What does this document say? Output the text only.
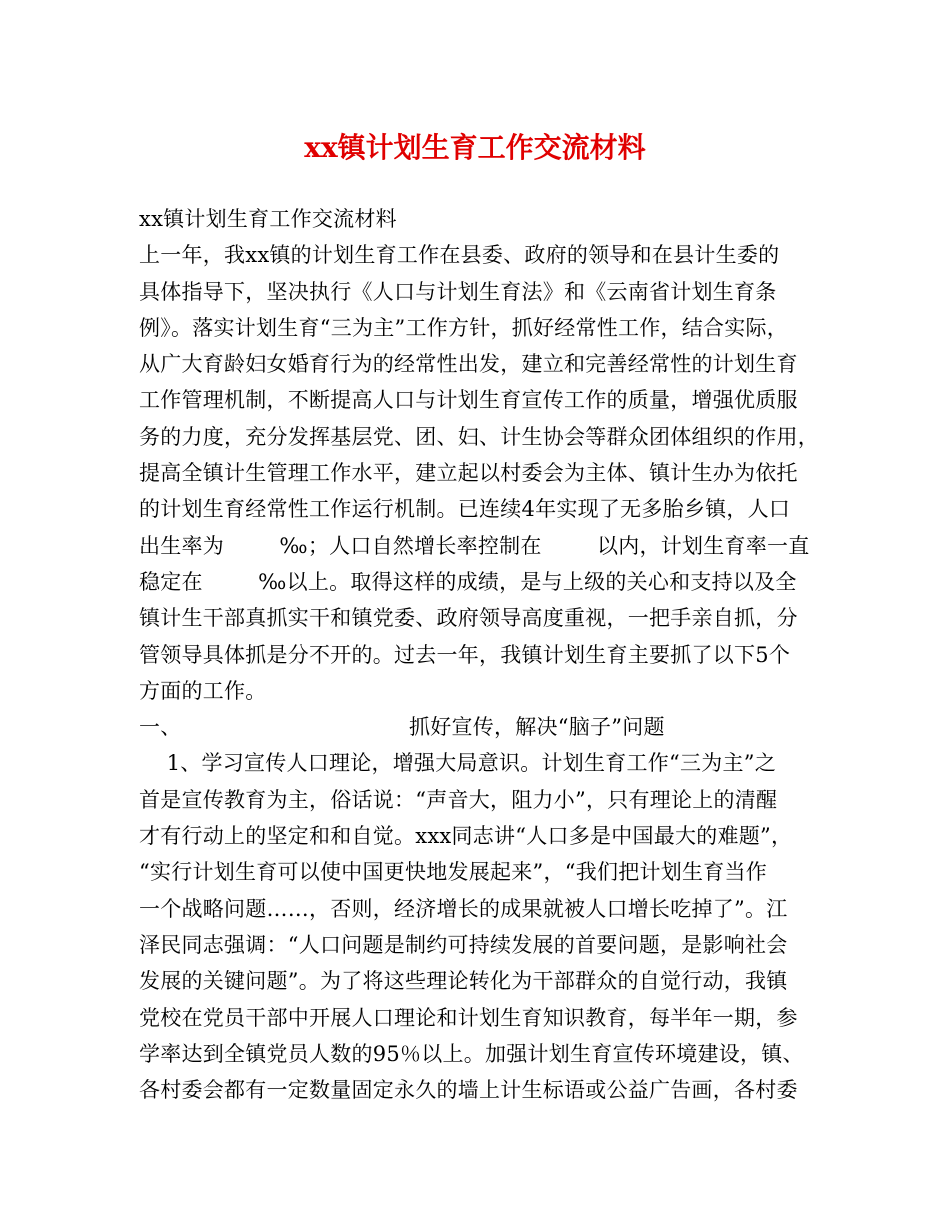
xx镇计划生育工作交流材料
xx镇计划生育工作交流材料
上一年，我xx镇的计划生育工作在县委、政府的领导和在县计生委的
具体指导下，坚决执行《人口与计划生育法》和《云南省计划生育条
例》。落实计划生育“三为主”工作方针，抓好经常性工作，结合实际，
从广大育龄妇女婚育行为的经常性出发，建立和完善经常性的计划生育
工作管理机制，不断提高人口与计划生育宣传工作的质量，增强优质服
务的力度，充分发挥基层党、团、妇、计生协会等群众团体组织的作用，
提高全镇计生管理工作水平，建立起以村委会为主体、镇计生办为依托
的计划生育经常性工作运行机制。已连续4年实现了无多胎乡镇，人口
出生率为        ‰；人口自然增长率控制在        以内，计划生育率一直
稳定在        ‰以上。取得这样的成绩，是与上级的关心和支持以及全
镇计生干部真抓实干和镇党委、政府领导高度重视，一把手亲自抓，分
管领导具体抓是分不开的。过去一年，我镇计划生育主要抓了以下5个
方面的工作。
一、	抓好宣传，解决“脑子”问题
1、学习宣传人口理论，增强大局意识。计划生育工作“三为主”之
首是宣传教育为主，俗话说：“声音大，阻力小”，只有理论上的清醒
才有行动上的坚定和和自觉。xxx同志讲“人口多是中国最大的难题”，
“实行计划生育可以使中国更快地发展起来”，“我们把计划生育当作
一个战略问题……，否则，经济增长的成果就被人口增长吃掉了”。江
泽民同志强调：“人口问题是制约可持续发展的首要问题，是影响社会
发展的关键问题”。为了将这些理论转化为干部群众的自觉行动，我镇
党校在党员干部中开展人口理论和计划生育知识教育，每半年一期，参
学率达到全镇党员人数的95％以上。加强计划生育宣传环境建设，镇、
各村委会都有一定数量固定永久的墙上计生标语或公益广告画，各村委
